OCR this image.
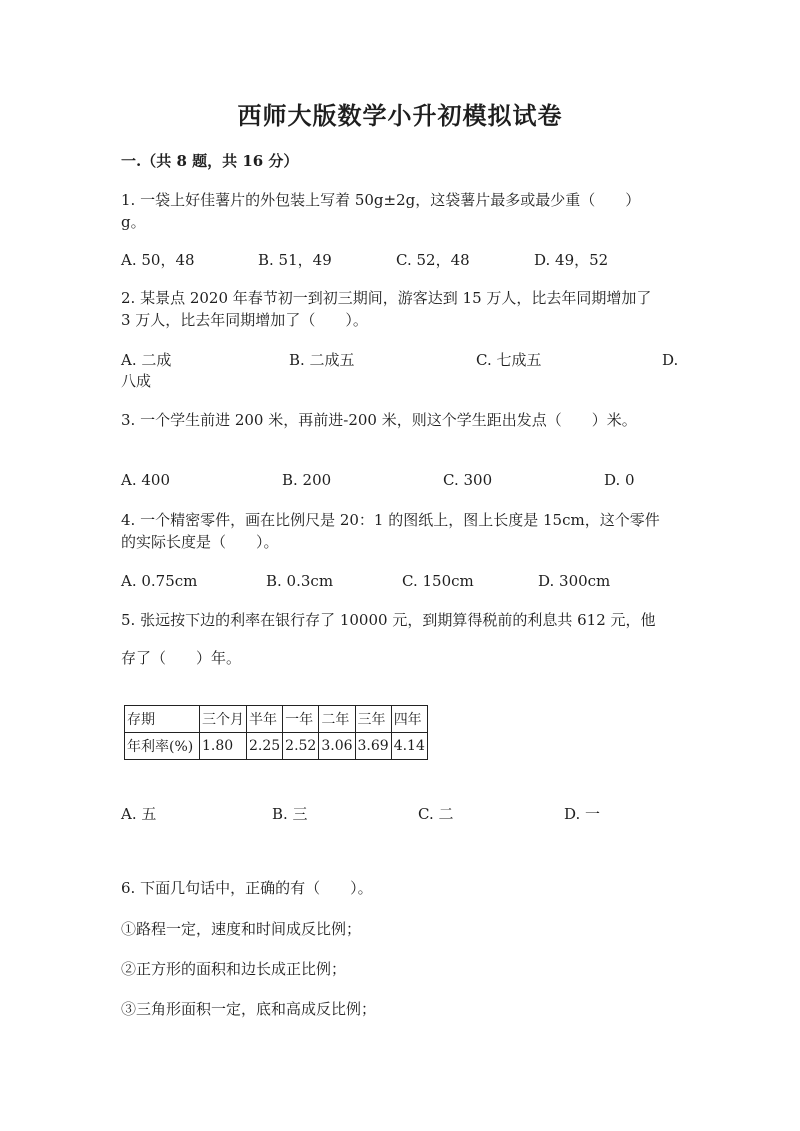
西师大版数学小升初模拟试卷
一.（共 8 题，共 16 分）
1. 一袋上好佳薯片的外包装上写着 50g±2g，这袋薯片最多或最少重（　　）
g。
A. 50，48	B. 51，49	C. 52，48	D. 49，52
2. 某景点 2020 年春节初一到初三期间，游客达到 15 万人，比去年同期增加了
3 万人，比去年同期增加了（　　）。
A. 二成	B. 二成五	C. 七成五	D.
八成
3. 一个学生前进 200 米，再前进-200 米，则这个学生距出发点（　　）米。
A. 400	B. 200	C. 300	D. 0
4. 一个精密零件，画在比例尺是 20：1 的图纸上，图上长度是 15cm，这个零件
的实际长度是（　　）。
A. 0.75cm	B. 0.3cm	C. 150cm	D. 300cm
5. 张远按下边的利率在银行存了 10000 元，到期算得税前的利息共 612 元，他
存了（　　）年。
存期	三个月	半年	一年	二年	三年	四年
年利率(%)	1.80	2.25	2.52	3.06	3.69	4.14
A. 五	B. 三	C. 二	D. 一
6. 下面几句话中，正确的有（　　）。
①路程一定，速度和时间成反比例；
②正方形的面积和边长成正比例；
③三角形面积一定，底和高成反比例；
